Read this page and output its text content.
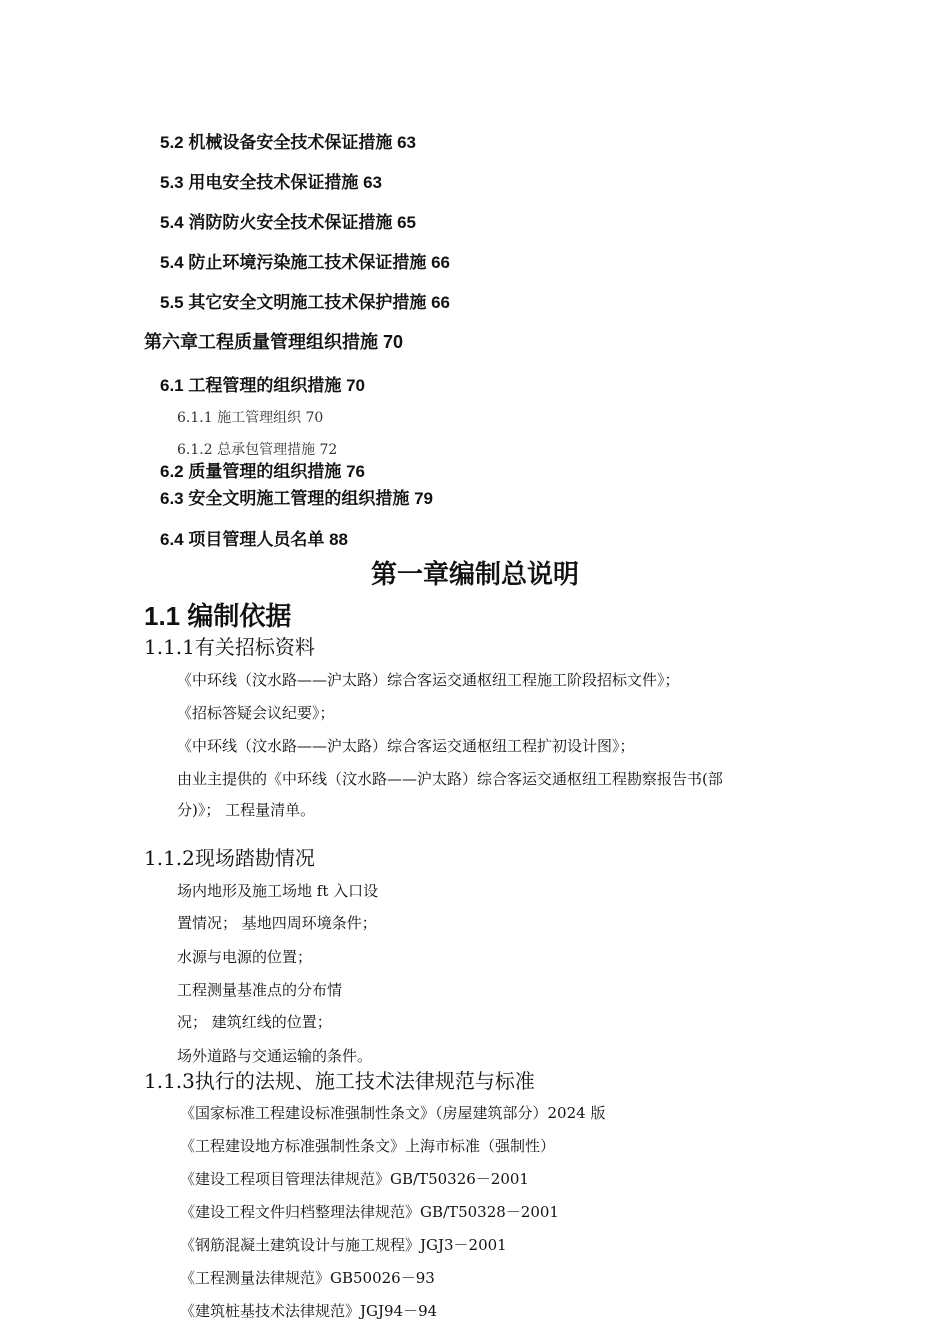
5.2 机械设备安全技术保证措施 63
5.3 用电安全技术保证措施 63
5.4 消防防火安全技术保证措施 65
5.4 防止环境污染施工技术保证措施 66
5.5 其它安全文明施工技术保护措施 66
第六章工程质量管理组织措施 70
6.1 工程管理的组织措施 70
6.1.1 施工管理组织 70
6.1.2 总承包管理措施 72
6.2 质量管理的组织措施 76
6.3 安全文明施工管理的组织措施 79
6.4 项目管理人员名单 88
第一章编制总说明
1.1 编制依据
1.1.1有关招标资料
《中环线（汶水路——沪太路）综合客运交通枢纽工程施工阶段招标文件》；
《招标答疑会议纪要》；
《中环线（汶水路——沪太路）综合客运交通枢纽工程扩初设计图》；
由业主提供的《中环线（汶水路——沪太路）综合客运交通枢纽工程勘察报告书(部
分)》； 工程量清单。
1.1.2现场踏勘情况
场内地形及施工场地 ft 入口设
置情况； 基地四周环境条件；
水源与电源的位置；
工程测量基准点的分布情
况； 建筑红线的位置；
场外道路与交通运输的条件。
1.1.3执行的法规、施工技术法律规范与标准
《国家标准工程建设标准强制性条文》（房屋建筑部分）2024 版
《工程建设地方标准强制性条文》上海市标准（强制性）
《建设工程项目管理法律规范》GB/T50326－2001
《建设工程文件归档整理法律规范》GB/T50328－2001
《钢筋混凝土建筑设计与施工规程》JGJ3－2001
《工程测量法律规范》GB50026－93
《建筑桩基技术法律规范》JGJ94－94
